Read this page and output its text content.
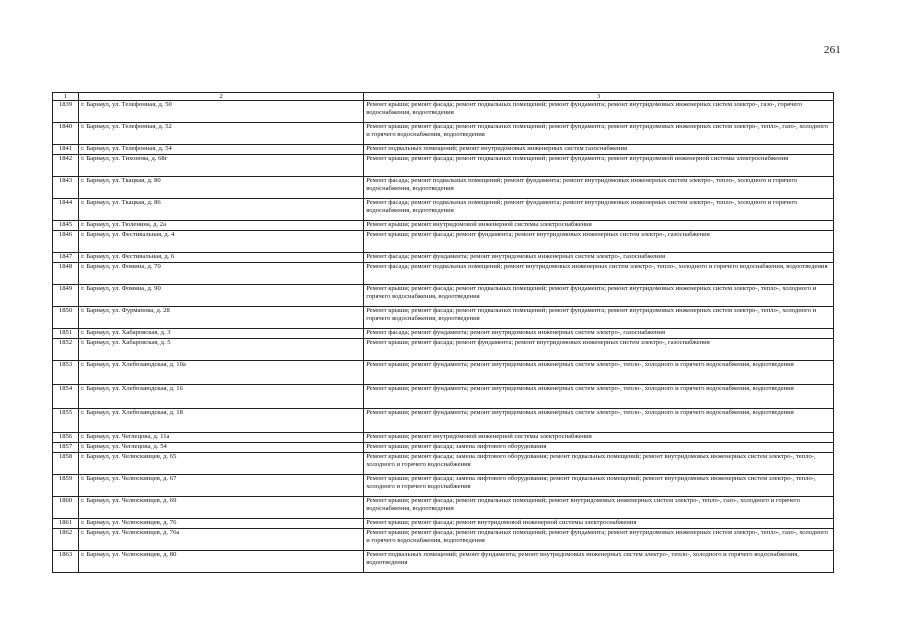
261
1	2	3
1839	г. Барнаул, ул. Телефонная, д. 50	Ремонт крыши; ремонт фасада; ремонт подвальных помещений; ремонт фундамента; ремонт внутридомовых инженерных систем электро-, газо-, горячего водоснабжения, водоотведения
1840	г. Барнаул, ул. Телефонная, д. 52	Ремонт крыши; ремонт фасада; ремонт подвальных помещений; ремонт фундамента; ремонт внутридомовых инженерных систем электро-, тепло-, газо-, холодного и горячего водоснабжения, водоотведения
1841	г. Барнаул, ул. Телефонная, д. 54	Ремонт подвальных помещений; ремонт внутридомовых инженерных систем газоснабжения
1842	г. Барнаул, ул. Тихонова, д. 68г	Ремонт крыши; ремонт фасада; ремонт подвальных помещений; ремонт фундамента; ремонт внутридомовой инженерной системы электроснабжения
1843	г. Барнаул, ул. Ткацкая, д. 80	Ремонт фасада; ремонт подвальных помещений; ремонт фундамента; ремонт внутридомовых инженерных систем электро-, тепло-, холодного и горячего водоснабжения, водоотведения
1844	г. Барнаул, ул. Ткацкая, д. 86	Ремонт фасада; ремонт подвальных помещений; ремонт фундамента; ремонт внутридомовых инженерных систем электро-, тепло-, холодного и горячего водоснабжения, водоотведения
1845	г. Барнаул, ул. Тюленина, д. 2а	Ремонт крыши; ремонт внутридомовой инженерной системы электроснабжения
1846	г. Барнаул, ул. Фестивальная, д. 4	Ремонт крыши; ремонт фасада; ремонт фундамента; ремонт внутридомовых инженерных систем электро-, газоснабжения
1847	г. Барнаул, ул. Фестивальная, д. 6	Ремонт фасада; ремонт фундамента; ремонт внутридомовых инженерных систем электро-, газоснабжения
1848	г. Барнаул, ул. Фомина, д. 70	Ремонт фасада; ремонт подвальных помещений; ремонт внутридомовых инженерных систем электро-, тепло-, холодного и горячего водоснабжения, водоотведения
1849	г. Барнаул, ул. Фомина, д. 90	Ремонт крыши; ремонт фасада; ремонт подвальных помещений; ремонт фундамента; ремонт внутридомовых инженерных систем электро-, тепло-, холодного и горячего водоснабжения, водоотведения
1850	г. Барнаул, ул. Фурманова, д. 28	Ремонт крыши; ремонт фасада; ремонт подвальных помещений; ремонт фундамента; ремонт внутридомовых инженерных систем электро-, тепло-, холодного и горячего водоснабжения, водоотведения
1851	г. Барнаул, ул. Хабаровская, д. 3	Ремонт фасада; ремонт фундамента; ремонт внутридомовых инженерных систем электро-, газоснабжения
1852	г. Барнаул, ул. Хабаровская, д. 5	Ремонт крыши; ремонт фасада; ремонт фундамента; ремонт внутридомовых инженерных систем электро-, газоснабжения
1853	г. Барнаул, ул. Хлебозаводская, д. 10а	Ремонт крыши; ремонт фундамента; ремонт внутридомовых инженерных систем электро-, тепло-, холодного и горячего водоснабжения, водоотведения
1854	г. Барнаул, ул. Хлебозаводская, д. 16	Ремонт крыши; ремонт фундамента; ремонт внутридомовых инженерных систем электро-, тепло-, холодного и горячего водоснабжения, водоотведения
1855	г. Барнаул, ул. Хлебозаводская, д. 18	Ремонт крыши; ремонт фундамента; ремонт внутридомовых инженерных систем электро-, тепло-, холодного и горячего водоснабжения, водоотведения
1856	г. Барнаул, ул. Чеглецова, д. 11а	Ремонт крыши; ремонт внутридомовой инженерной системы электроснабжения
1857	г. Барнаул, ул. Чеглецова, д. 54	Ремонт крыши; ремонт фасада; замена лифтового оборудования
1858	г. Барнаул, ул. Челюскинцев, д. 65	Ремонт крыши; ремонт фасада; замена лифтового оборудования; ремонт подвальных помещений; ремонт внутридомовых инженерных систем электро-, тепло-, холодного и горячего водоснабжения
1859	г. Барнаул, ул. Челюскинцев, д. 67	Ремонт крыши; ремонт фасада; замена лифтового оборудования; ремонт подвальных помещений; ремонт внутридомовых инженерных систем электро-, тепло-, холодного и горячего водоснабжения
1860	г. Барнаул, ул. Челюскинцев, д. 69	Ремонт крыши; ремонт фасада; ремонт подвальных помещений; ремонт внутридомовых инженерных систем электро-, тепло-, газо-, холодного и горячего водоснабжения, водоотведения
1861	г. Барнаул, ул. Челюскинцев, д. 76	Ремонт крыши; ремонт фасада; ремонт внутридомовой инженерной системы электроснабжения
1862	г. Барнаул, ул. Челюскинцев, д. 76а	Ремонт крыши; ремонт фасада; ремонт подвальных помещений; ремонт фундамента; ремонт внутридомовых инженерных систем электро-, тепло-, газо-, холодного и горячего водоснабжения, водоотведения
1863	г. Барнаул, ул. Челюскинцев, д. 80	Ремонт подвальных помещений; ремонт фундамента; ремонт внутридомовых инженерных систем электро-, тепло-, холодного и горячего водоснабжения, водоотведения
